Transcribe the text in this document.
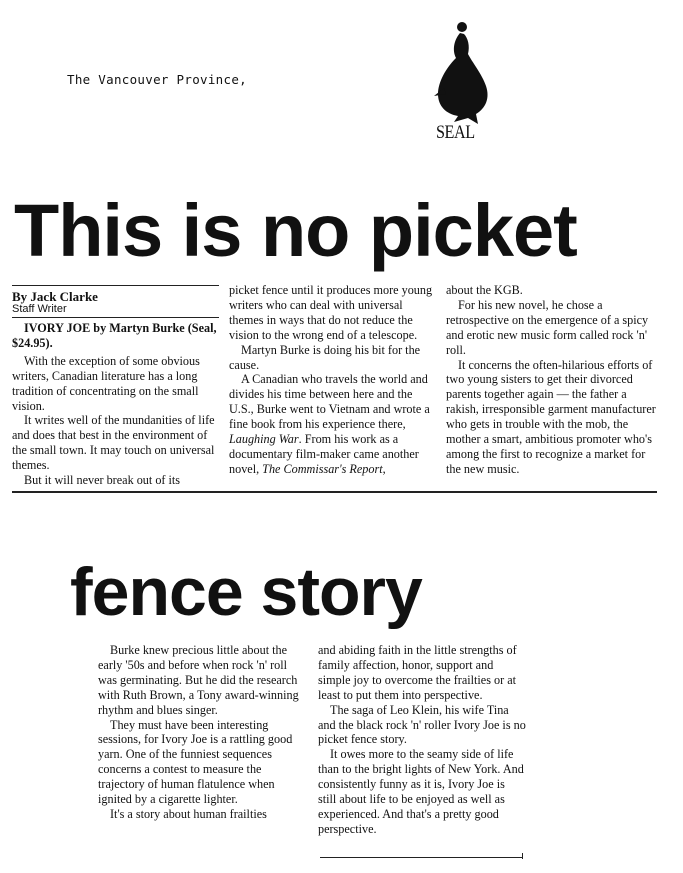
The Vancouver Province,
SEAL
This is no picket
By Jack Clarke
Staff Writer

IVORY JOE by Martyn Burke (Seal, $24.95).

With the exception of some obvious writers, Canadian literature has a long tradition of concentrating on the small vision.

It writes well of the mundanities of life and does that best in the environment of the small town. It may touch on universal themes.

But it will never break out of its

picket fence until it produces more young writers who can deal with universal themes in ways that do not reduce the vision to the wrong end of a telescope.

Martyn Burke is doing his bit for the cause.

A Canadian who travels the world and divides his time between here and the U.S., Burke went to Vietnam and wrote a fine book from his experience there, Laughing War. From his work as a documentary film-maker came another novel, The Commissar's Report,

about the KGB.

For his new novel, he chose a retrospective on the emergence of a spicy and erotic new music form called rock 'n' roll.

It concerns the often-hilarious efforts of two young sisters to get their divorced parents together again — the father a rakish, irresponsible garment manufacturer who gets in trouble with the mob, the mother a smart, ambitious promoter who's among the first to recognize a market for the new music.

fence story

Burke knew precious little about the early '50s and before when rock 'n' roll was germinating. But he did the research with Ruth Brown, a Tony award-winning rhythm and blues singer.

They must have been interesting sessions, for Ivory Joe is a rattling good yarn. One of the funniest sequences concerns a contest to measure the trajectory of human flatulence when ignited by a cigarette lighter.

It's a story about human frailties

and abiding faith in the little strengths of family affection, honor, support and simple joy to overcome the frailties or at least to put them into perspective.

The saga of Leo Klein, his wife Tina and the black rock 'n' roller Ivory Joe is no picket fence story.

It owes more to the seamy side of life than to the bright lights of New York. And consistently funny as it is, Ivory Joe is still about life to be enjoyed as well as experienced. And that's a pretty good perspective.
